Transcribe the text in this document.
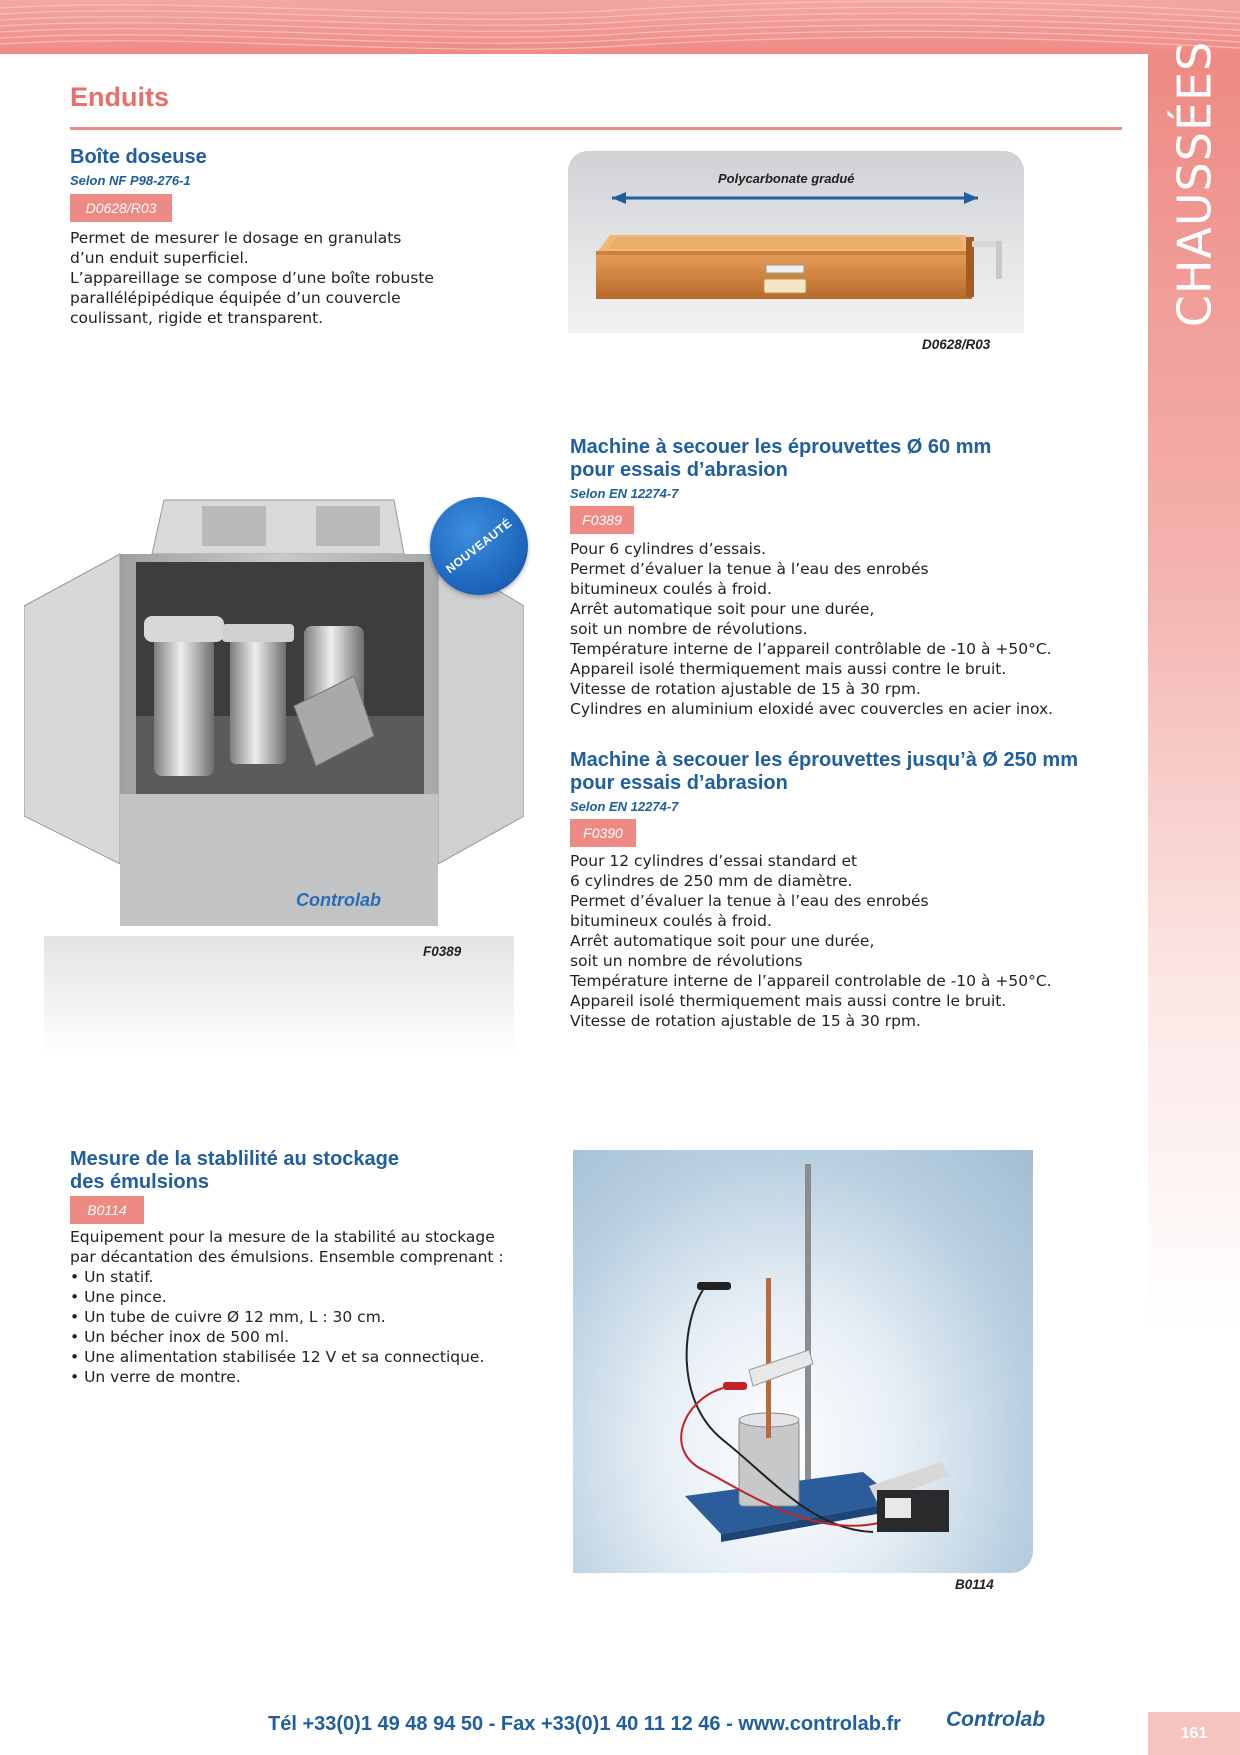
CHAUSSÉES
Enduits
Boîte doseuse
Selon NF P98-276-1
D0628/R03
Permet de mesurer le dosage en granulats
d’un enduit superficiel.
L’appareillage se compose d’une boîte robuste
parallélépipédique équipée d’un couvercle
coulissant, rigide et transparent.
Polycarbonate gradué
D0628/R03
Machine à secouer les éprouvettes Ø 60 mm
pour essais d’abrasion
Selon EN 12274-7
F0389
Pour 6 cylindres d’essais.
Permet d’évaluer la tenue à l’eau des enrobés
bitumineux coulés à froid.
Arrêt automatique soit pour une durée,
soit un nombre de révolutions.
Température interne de l’appareil contrôlable de -10 à +50°C.
Appareil isolé thermiquement mais aussi contre le bruit.
Vitesse de rotation ajustable de 15 à 30 rpm.
Cylindres en aluminium eloxidé avec couvercles en acier inox.
Controlab
NOUVEAUTÉ
F0389
Machine à secouer les éprouvettes jusqu’à Ø 250 mm
pour essais d’abrasion
Selon EN 12274-7
F0390
Pour 12 cylindres d’essai standard et
6 cylindres de 250 mm de diamètre.
Permet d’évaluer la tenue à l’eau des enrobés
bitumineux coulés à froid.
Arrêt automatique soit pour une durée,
soit un nombre de révolutions
Température interne de l’appareil controlable de -10 à +50°C.
Appareil isolé thermiquement mais aussi contre le bruit.
Vitesse de rotation ajustable de 15 à 30 rpm.
Mesure de la stablilité au stockage
des émulsions
B0114
Equipement pour la mesure de la stabilité au stockage
par décantation des émulsions. Ensemble comprenant :
• Un statif.
• Une pince.
• Un tube de cuivre Ø 12 mm, L : 30 cm.
• Un bécher inox de 500 ml.
• Une alimentation stabilisée 12 V et sa connectique.
• Un verre de montre.
B0114
Tél +33(0)1 49 48 94 50 - Fax +33(0)1 40 11 12 46 - www.controlab.fr Controlab
161
